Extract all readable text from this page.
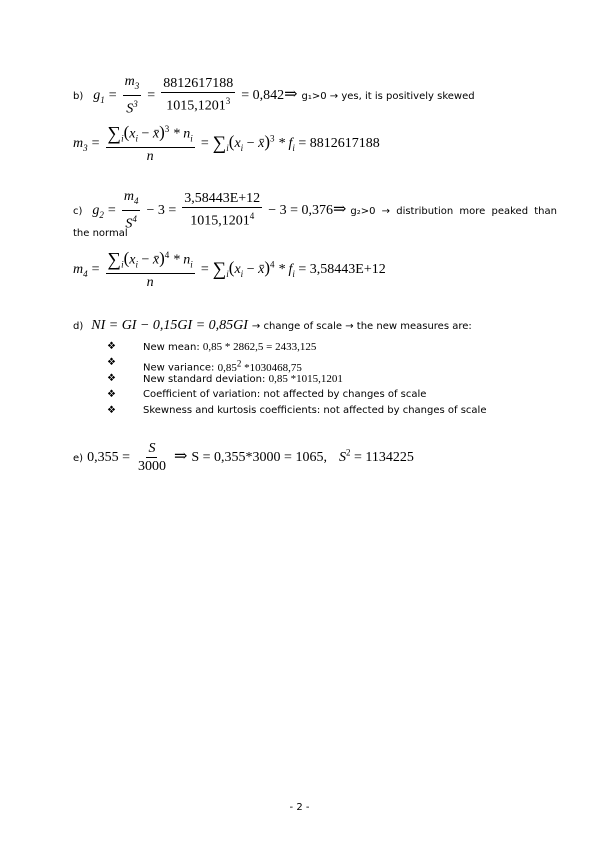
b) $g_1 = \frac{m_3}{S^3} = \frac{8812617188}{1015,1201^3}$ = 0,842⇒ g₁>0 → yes, it is positively skewed
$m_3 = \frac{\sum_i(x_i - x̄)^3 * n_i}{n} = \sum_i(x_i$ − x̄)$^3$ * $f_i = 8812617188$
c) $g_2 = \frac{m_4}{S^4} - 3 = \frac{3,58443E+12}{1015,1201^4} - 3$ = 0,376⇒ g₂>0 → distribution more peaked than
the normal
$m_4 = \frac{\sum_i(x_i - x̄)^4 * n_i}{n} = \sum_i(x_i$ − x̄)$^4$ * $f_i = 3,58443E+12$
d) NI = GI − 0,15GI = 0,85GI → change of scale → the new measures are:
❖	New mean: 0,85 * 2862,5 = 2433,125
❖
New variance: 0,85$^2$ *1030468,75
❖	New standard deviation: 0,85 *1015,1201
❖	Coefficient of variation: not affected by changes of scale
❖	Skewness and kurtosis coefficients: not affected by changes of scale
e) $0,355 = \frac{S}{3000}$ ⇒ S = 0,355*3000 = 1065, $S^2 = 1134225$
- 2 -
